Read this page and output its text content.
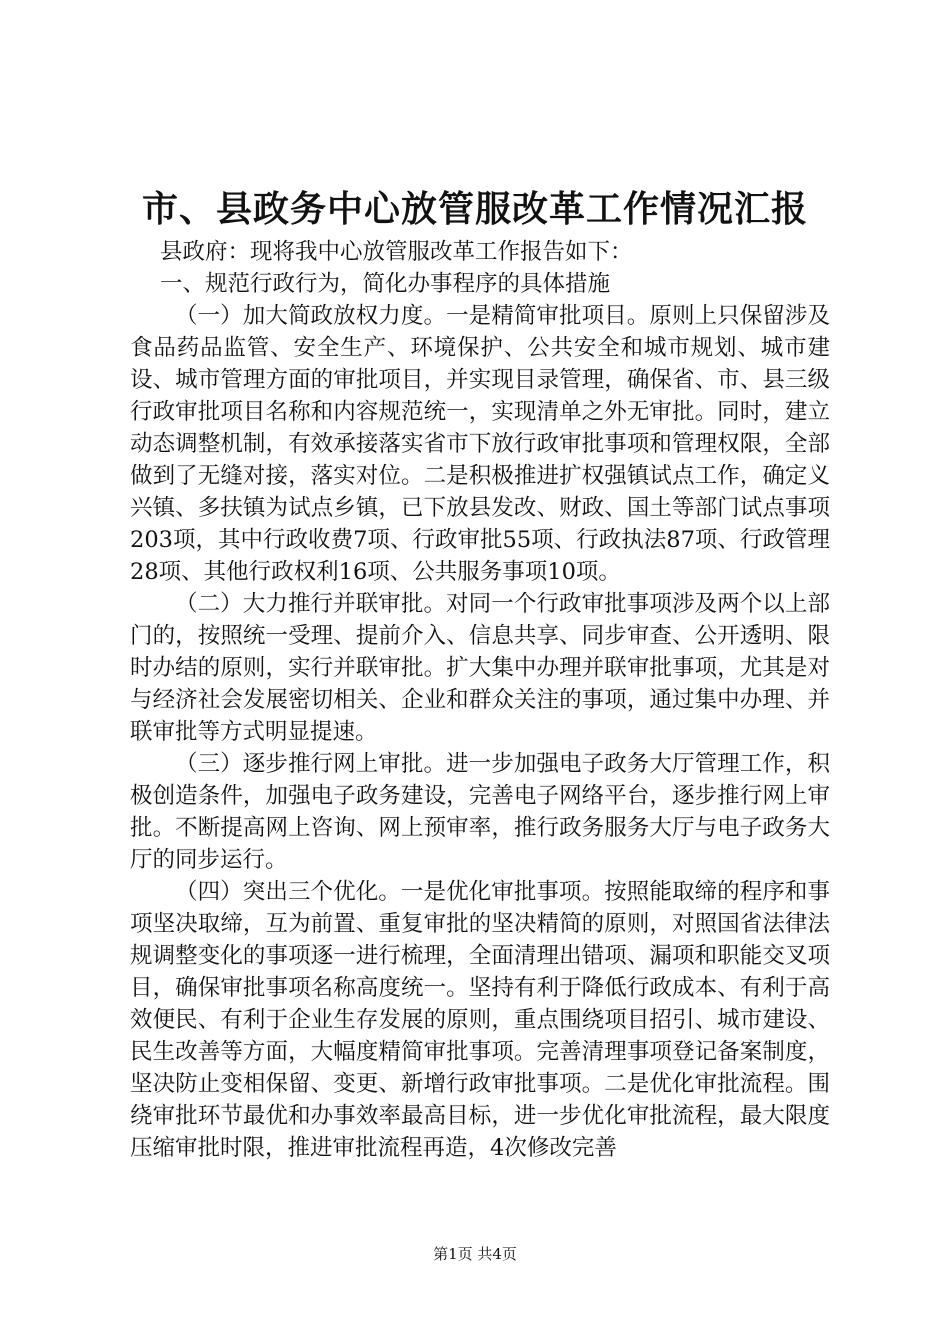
市、县政务中心放管服改革工作情况汇报

县政府：现将我中心放管服改革工作报告如下：

一、规范行政行为，简化办事程序的具体措施

（一）加大简政放权力度。一是精简审批项目。原则上只保留涉及食品药品监管、安全生产、环境保护、公共安全和城市规划、城市建设、城市管理方面的审批项目，并实现目录管理，确保省、市、县三级行政审批项目名称和内容规范统一，实现清单之外无审批。同时，建立动态调整机制，有效承接落实省市下放行政审批事项和管理权限，全部做到了无缝对接，落实对位。二是积极推进扩权强镇试点工作，确定义兴镇、多扶镇为试点乡镇，已下放县发改、财政、国土等部门试点事项203项，其中行政收费7项、行政审批55项、行政执法87项、行政管理28项、其他行政权利16项、公共服务事项10项。

（二）大力推行并联审批。对同一个行政审批事项涉及两个以上部门的，按照统一受理、提前介入、信息共享、同步审查、公开透明、限时办结的原则，实行并联审批。扩大集中办理并联审批事项，尤其是对与经济社会发展密切相关、企业和群众关注的事项，通过集中办理、并联审批等方式明显提速。

（三）逐步推行网上审批。进一步加强电子政务大厅管理工作，积极创造条件，加强电子政务建设，完善电子网络平台，逐步推行网上审批。不断提高网上咨询、网上预审率，推行政务服务大厅与电子政务大厅的同步运行。

（四）突出三个优化。一是优化审批事项。按照能取缔的程序和事项坚决取缔，互为前置、重复审批的坚决精简的原则，对照国省法律法规调整变化的事项逐一进行梳理，全面清理出错项、漏项和职能交叉项目，确保审批事项名称高度统一。坚持有利于降低行政成本、有利于高效便民、有利于企业生存发展的原则，重点围绕项目招引、城市建设、民生改善等方面，大幅度精简审批事项。完善清理事项登记备案制度，坚决防止变相保留、变更、新增行政审批事项。二是优化审批流程。围绕审批环节最优和办事效率最高目标，进一步优化审批流程，最大限度压缩审批时限，推进审批流程再造，4次修改完善

第1页 共4页
